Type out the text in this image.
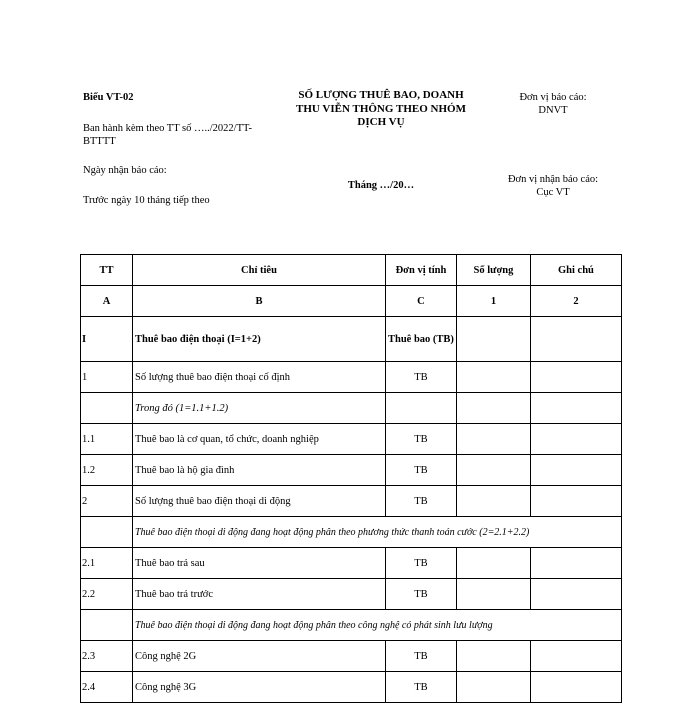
Biểu VT-02
Ban hành kèm theo TT số …../2022/TT-BTTTT
Ngày nhận báo cáo:
Trước ngày 10 tháng tiếp theo
SỐ LƯỢNG THUÊ BAO, DOANH THU VIỄN THÔNG THEO NHÓM DỊCH VỤ
Tháng …/20…
Đơn vị báo cáo:
DNVT
Đơn vị nhận báo cáo:
Cục VT
TT	Chỉ tiêu	Đơn vị tính	Số lượng	Ghi chú
A	B	C	1	2
I	Thuê bao điện thoại (I=1+2)	Thuê bao (TB)		
1	Số lượng thuê bao điện thoại cố định	TB		
	Trong đó (1=1.1+1.2)			
1.1	Thuê bao là cơ quan, tổ chức, doanh nghiệp	TB		
1.2	Thuê bao là hộ gia đình	TB		
2	Số lượng thuê bao điện thoại di động	TB		
	Thuê bao điện thoại di động đang hoạt động phân theo phương thức thanh toán cước (2=2.1+2.2)			
2.1	Thuê bao trả sau	TB		
2.2	Thuê bao trả trước	TB		
	Thuê bao điện thoại di động đang hoạt động phân theo công nghệ có phát sinh lưu lượng			
2.3	Công nghệ 2G	TB		
2.4	Công nghệ 3G	TB		
